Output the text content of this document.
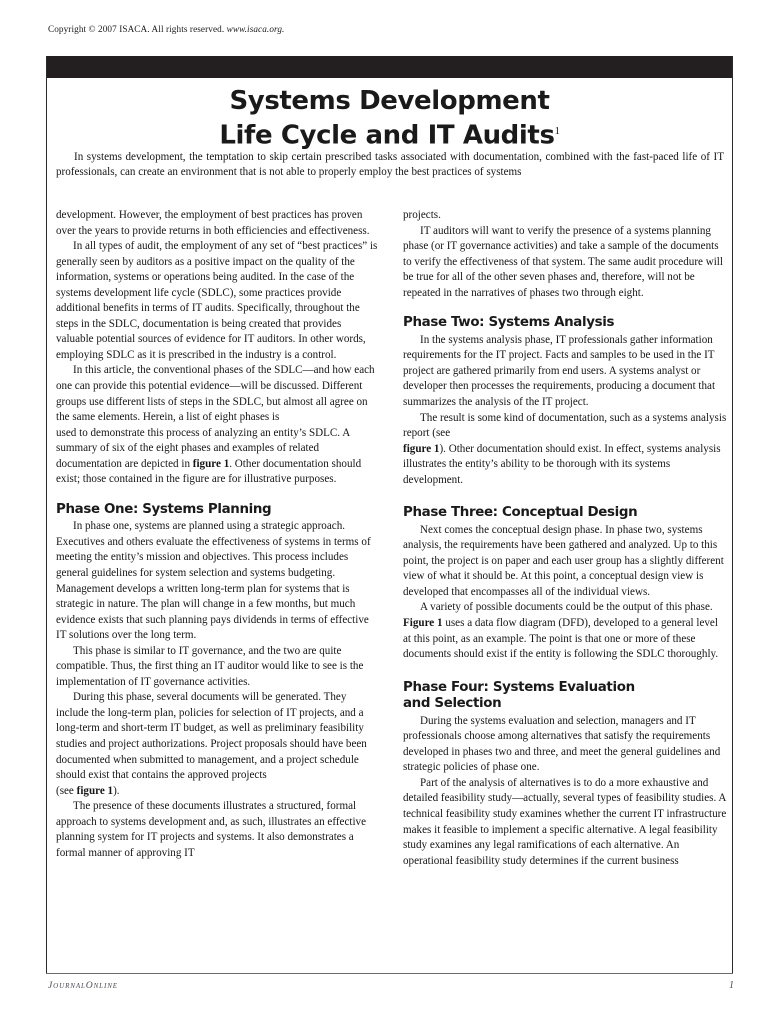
Copyright © 2007 ISACA. All rights reserved. www.isaca.org.
Systems Development
Life Cycle and IT Audits$^1$
In systems development, the temptation to skip certain prescribed tasks associated with documentation, combined with the fast-paced life of IT professionals, can create an environment that is not able to properly employ the best practices of systems

development. However, the employment of best practices has proven over the years to provide returns in both efficiencies and effectiveness.

In all types of audit, the employment of any set of “best practices” is generally seen by auditors as a positive impact on the quality of the information, systems or operations being audited. In the case of the systems development life cycle (SDLC), some practices provide additional benefits in terms of IT audits. Specifically, throughout the steps in the SDLC, documentation is being created that provides valuable potential sources of evidence for IT auditors. In other words, employing SDLC as it is prescribed in the industry is a control.

In this article, the conventional phases of the SDLC—and how each one can provide this potential evidence—will be discussed. Different groups use different lists of steps in the SDLC, but almost all agree on the same elements. Herein, a list of eight phases is

used to demonstrate this process of analyzing an entity’s SDLC. A summary of six of the eight phases and examples of related documentation are depicted in figure 1. Other documentation should exist; those contained in the figure are for illustrative purposes.

Phase One: Systems Planning

In phase one, systems are planned using a strategic approach. Executives and others evaluate the effectiveness of systems in terms of meeting the entity’s mission and objectives. This process includes general guidelines for system selection and systems budgeting. Management develops a written long-term plan for systems that is strategic in nature. The plan will change in a few months, but much evidence exists that such planning pays dividends in terms of effective IT solutions over the long term.

This phase is similar to IT governance, and the two are quite compatible. Thus, the first thing an IT auditor would like to see is the implementation of IT governance activities.

During this phase, several documents will be generated. They include the long-term plan, policies for selection of IT projects, and a long-term and short-term IT budget, as well as preliminary feasibility studies and project authorizations. Project proposals should have been documented when submitted to management, and a project schedule should exist that contains the approved projects

(see figure 1).

The presence of these documents illustrates a structured, formal approach to systems development and, as such, illustrates an effective planning system for IT projects and systems. It also demonstrates a formal manner of approving IT

projects.

IT auditors will want to verify the presence of a systems planning phase (or IT governance activities) and take a sample of the documents to verify the effectiveness of that system. The same audit procedure will be true for all of the other seven phases and, therefore, will not be repeated in the narratives of phases two through eight.

Phase Two: Systems Analysis

In the systems analysis phase, IT professionals gather information requirements for the IT project. Facts and samples to be used in the IT project are gathered primarily from end users. A systems analyst or developer then processes the requirements, producing a document that summarizes the analysis of the IT project.

The result is some kind of documentation, such as a systems analysis report (see

figure 1). Other documentation should exist. In effect, systems analysis illustrates the entity’s ability to be thorough with its systems development.

Phase Three: Conceptual Design

Next comes the conceptual design phase. In phase two, systems analysis, the requirements have been gathered and analyzed. Up to this point, the project is on paper and each user group has a slightly different view of what it should be. At this point, a conceptual design view is developed that encompasses all of the individual views.

A variety of possible documents could be the output of this phase. Figure 1 uses a data flow diagram (DFD), developed to a general level at this point, as an example. The point is that one or more of these documents should exist if the entity is following the SDLC thoroughly.

Phase Four: Systems Evaluation
and Selection

During the systems evaluation and selection, managers and IT professionals choose among alternatives that satisfy the requirements developed in phases two and three, and meet the general guidelines and strategic policies of phase one.

Part of the analysis of alternatives is to do a more exhaustive and detailed feasibility study—actually, several types of feasibility studies. A technical feasibility study examines whether the current IT infrastructure makes it feasible to implement a specific alternative. A legal feasibility study examines any legal ramifications of each alternative. An operational feasibility study determines if the current business

JournalOnline	1
